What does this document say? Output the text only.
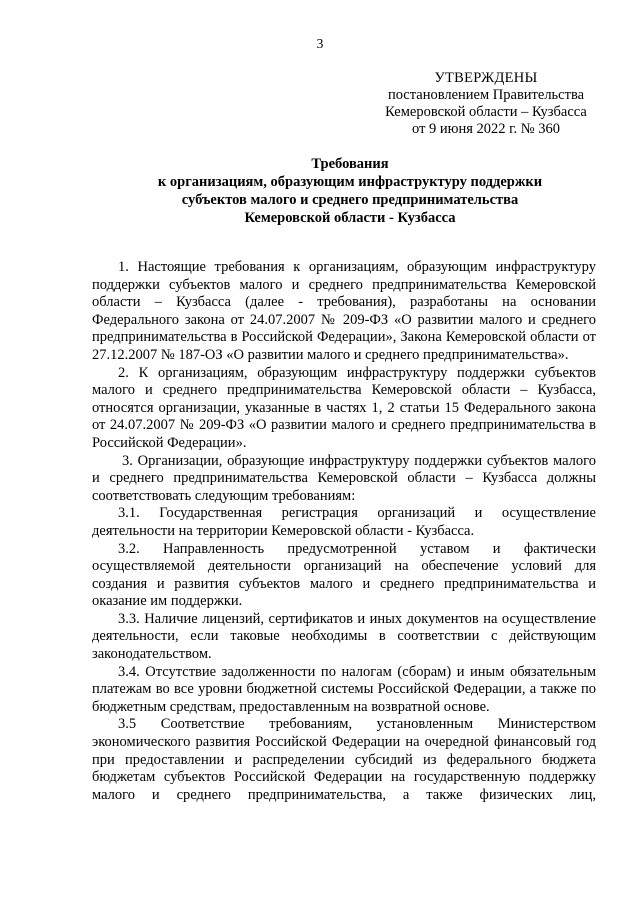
3
УТВЕРЖДЕНЫ
постановлением Правительства
Кемеровской области – Кузбасса
от 9 июня 2022 г. № 360
Требования
к организациям, образующим инфраструктуру поддержки
субъектов малого и среднего предпринимательства
Кемеровской области - Кузбасса

1. Настоящие требования к организациям, образующим инфраструктуру поддержки субъектов малого и среднего предпринимательства Кемеровской области – Кузбасса (далее - требования), разработаны на основании Федерального закона от 24.07.2007 № 209-ФЗ «О развитии малого и среднего предпринимательства в Российской Федерации», Закона Кемеровской области от 27.12.2007 № 187-ОЗ «О развитии малого и среднего предпринимательства».

2. К организациям, образующим инфраструктуру поддержки субъектов малого и среднего предпринимательства Кемеровской области – Кузбасса, относятся организации, указанные в частях 1, 2 статьи 15 Федерального закона от 24.07.2007 № 209-ФЗ «О развитии малого и среднего предпринимательства в Российской Федерации».

3. Организации, образующие инфраструктуру поддержки субъектов малого и среднего предпринимательства Кемеровской области – Кузбасса должны соответствовать следующим требованиям:

3.1. Государственная регистрация организаций и осуществление деятельности на территории Кемеровской области - Кузбасса.

3.2. Направленность предусмотренной уставом и фактически осуществляемой деятельности организаций на обеспечение условий для создания и развития субъектов малого и среднего предпринимательства и оказание им поддержки.

3.3. Наличие лицензий, сертификатов и иных документов на осуществление деятельности, если таковые необходимы в соответствии с действующим законодательством.

3.4. Отсутствие задолженности по налогам (сборам) и иным обязательным платежам во все уровни бюджетной системы Российской Федерации, а также по бюджетным средствам, предоставленным на возвратной основе.

3.5 Соответствие требованиям, установленным Министерством экономического развития Российской Федерации на очередной финансовый год при предоставлении и распределении субсидий из федерального бюджета бюджетам субъектов Российской Федерации на государственную поддержку малого и среднего предпринимательства, а также физических лиц,
